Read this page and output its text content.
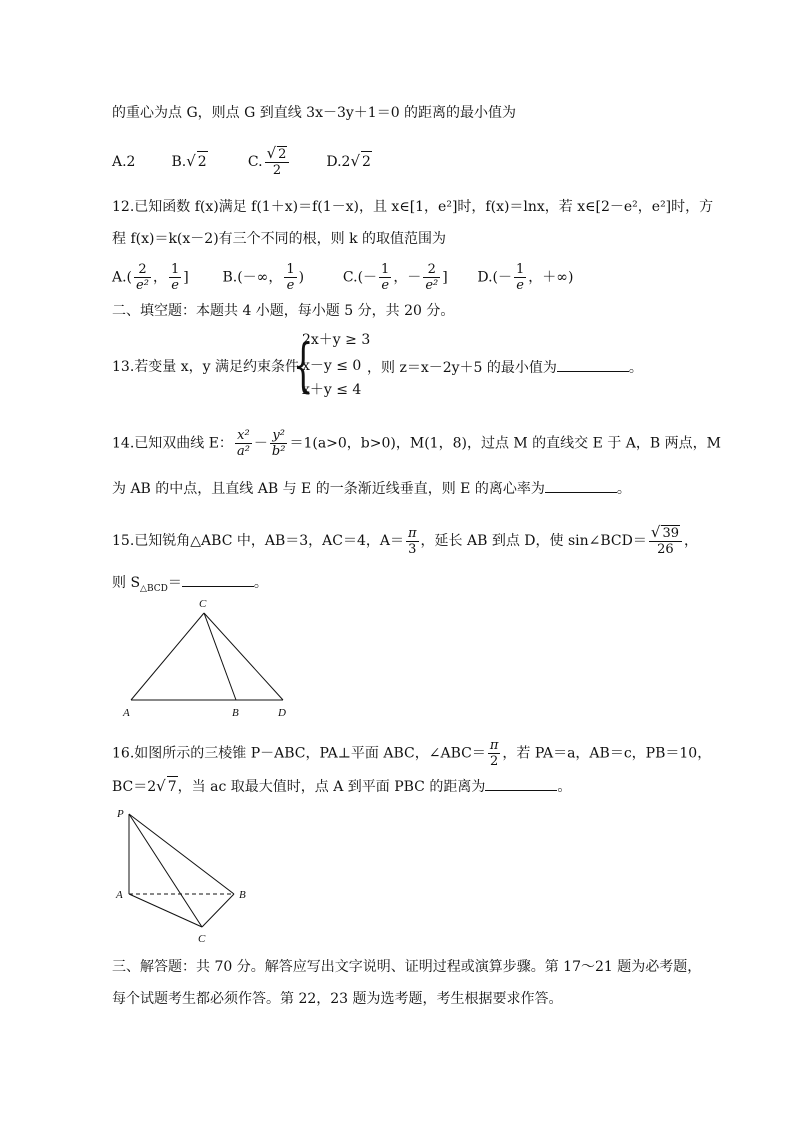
的重心为点 G，则点 G 到直线 3x－3y＋1＝0 的距离的最小值为
A.2	B.√ 2	C. $\frac{√ 2}{2}$	D.2√ 2
12.已知函数 f(x)满足 f(1＋x)＝f(1－x)，且 x∈[1，e²]时，f(x)＝lnx，若 x∈[2－e²，e²]时，方
程 f(x)＝k(x－2)有三个不同的根，则 k 的取值范围为
$A.( \frac{2}{\text{e²}}$ ， $\frac{1}{e}$ ] B.(－∞， $\frac{1}{e}$ )	$C.(- \frac{1}{e}$ ，－ $\frac{2}{\text{e²}}$ ] $D.(- \frac{1}{e}$ ，＋∞)
二、填空题：本题共 4 小题，每小题 5 分，共 20 分。
13.若变量 x，y 满足约束条件
{
2x＋y ≥ 3
x－y ≤ 0
x＋y ≤ 4
，则 z＝x－2y＋5 的最小值为	。
14.已知双曲线 E： $\frac{\text{x²}}{\text{a²}} - \frac{\text{y²}}{\text{b²}} =1(a>0$，b>0)，M(1，8)，过点 M 的直线交 E 于 A，B 两点，M
为 AB 的中点，且直线 AB 与 E 的一条渐近线垂直，则 E 的离心率为	。
15.已知锐角△ABC 中，AB＝3，AC＝4，$A= \frac{\pi}{3}$ ，延长 AB 到点 D，使 sin∠BCD＝ $\frac{√ 39}{26}$ ，
则 $S_{\triangle BCD}=$	。
C
A	B	D
16.如图所示的三棱锥 P－ABC，PA⊥平面 ABC，∠ABC＝ $\frac{\pi}{2}$ ，若 PA＝a，AB＝c，PB＝10，
BC＝2√ 7，当 ac 取最大值时，点 A 到平面 PBC 的距离为	。
P
A	B
C
三、解答题：共 70 分。解答应写出文字说明、证明过程或演算步骤。第 17～21 题为必考题，
每个试题考生都必须作答。第 22，23 题为选考题，考生根据要求作答。
